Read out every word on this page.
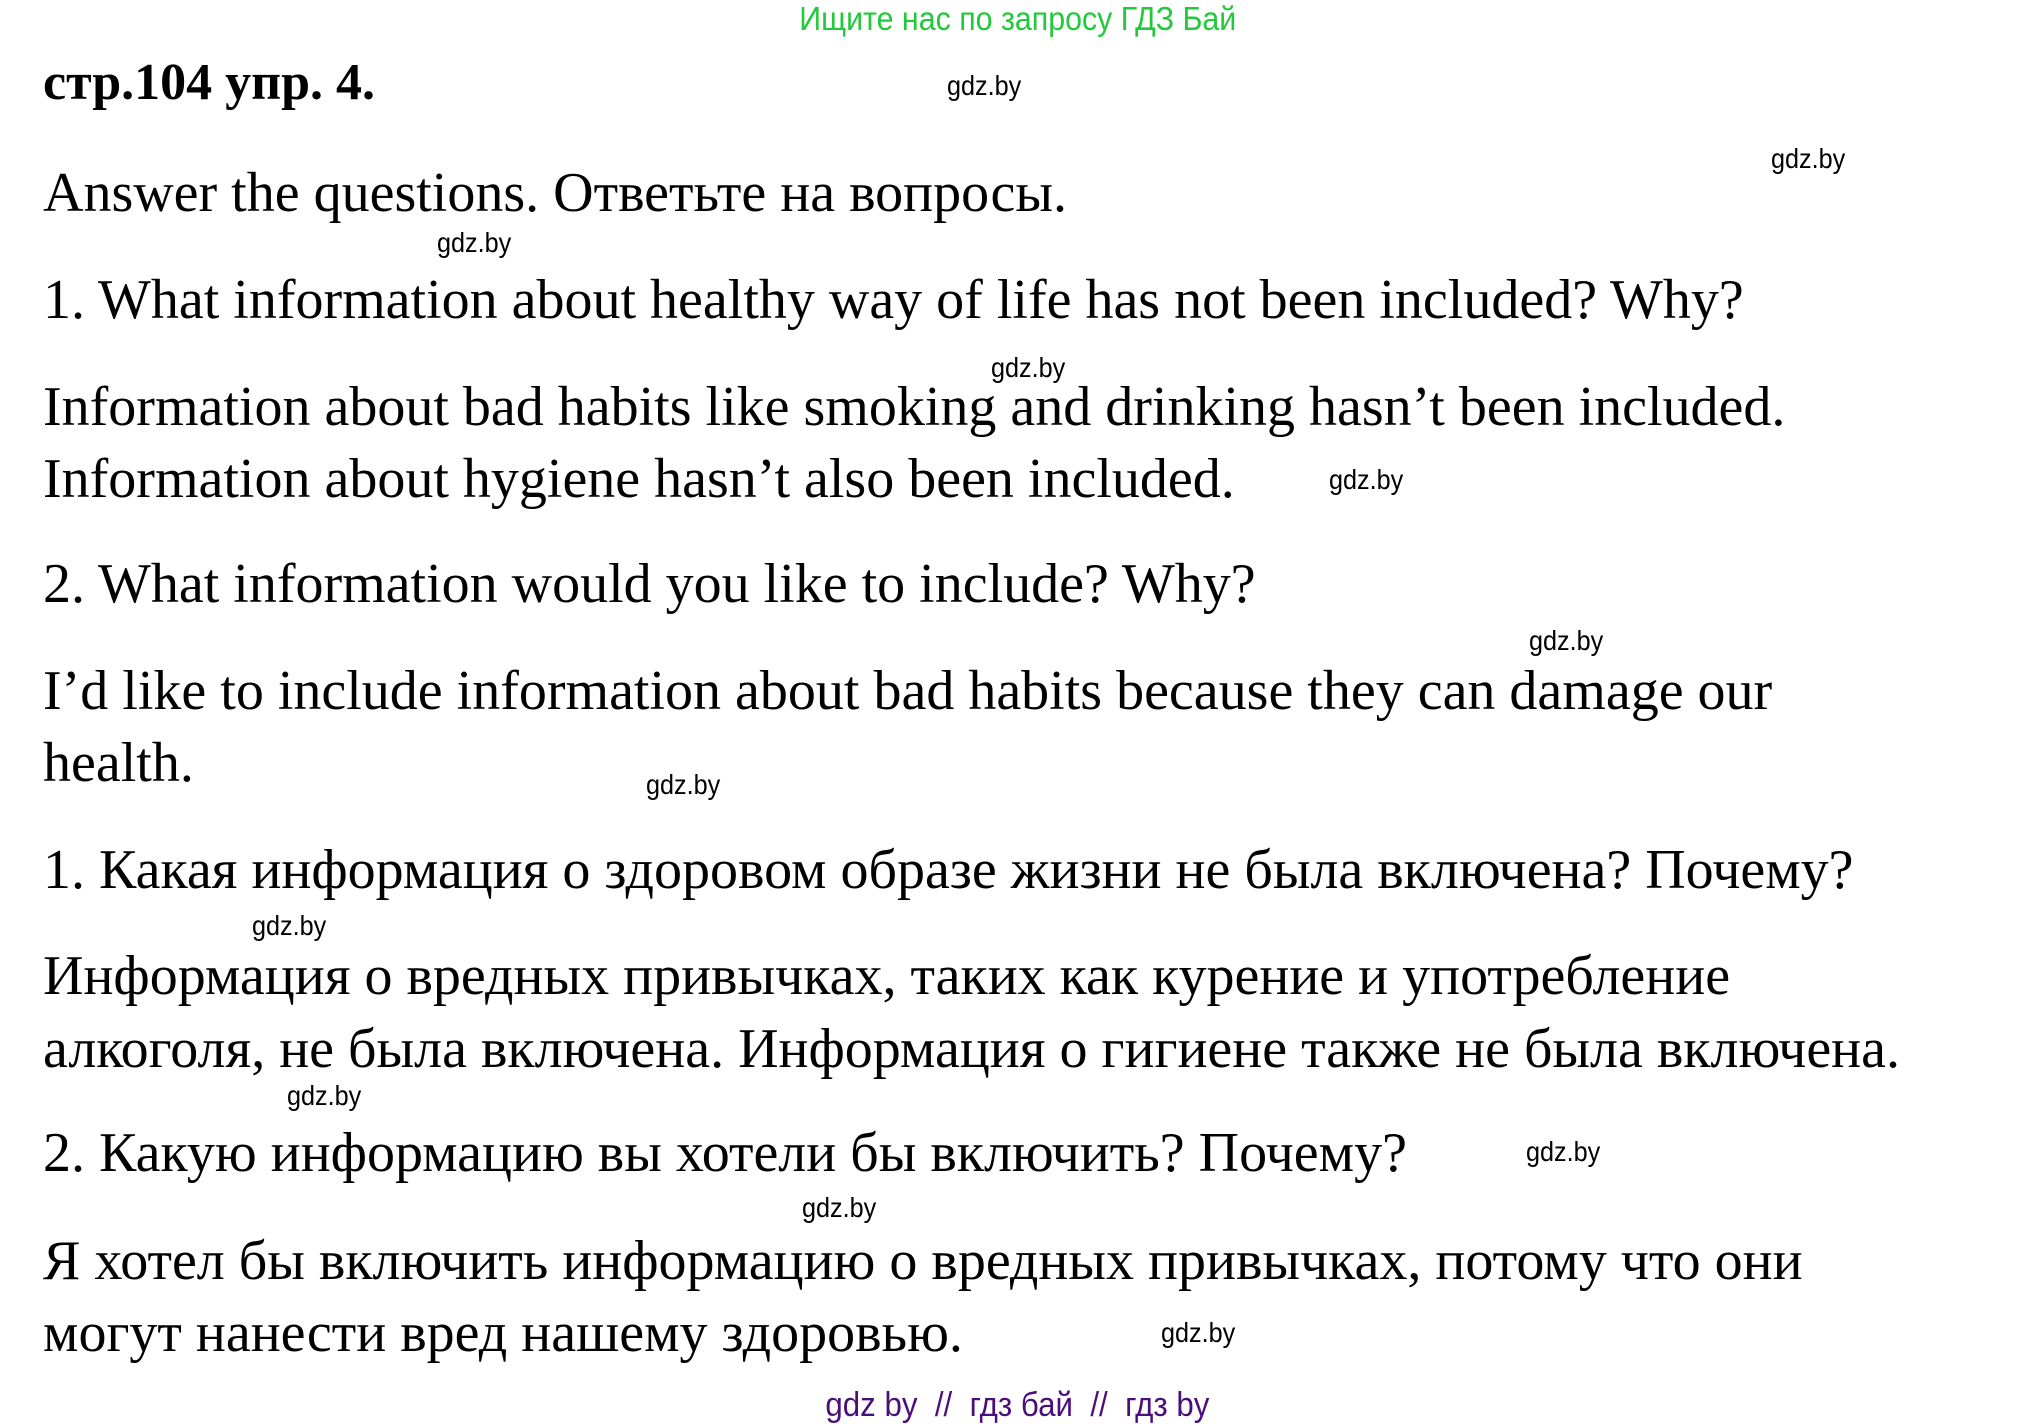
Ищите нас по запросу ГДЗ Бай
стр.104 упр. 4.

Answer the questions. Ответьте на вопросы.

1. What information about healthy way of life has not been included? Why?

Information about bad habits like smoking and drinking hasn’t been included.

Information about hygiene hasn’t also been included.

2. What information would you like to include? Why?

I’d like to include information about bad habits because they can damage our

health.

1. Какая информация о здоровом образе жизни не была включена? Почему?

Информация о вредных привычках, таких как курение и употребление

алкоголя, не была включена. Информация о гигиене также не была включена.

2. Какую информацию вы хотели бы включить? Почему?

Я хотел бы включить информацию о вредных привычках, потому что они

могут нанести вред нашему здоровью.

gdz.by
gdz.by
gdz.by
gdz.by
gdz.by
gdz.by
gdz.by
gdz.by
gdz.by
gdz.by
gdz.by
gdz.by
gdz by  //  гдз бай  //  гдз by
